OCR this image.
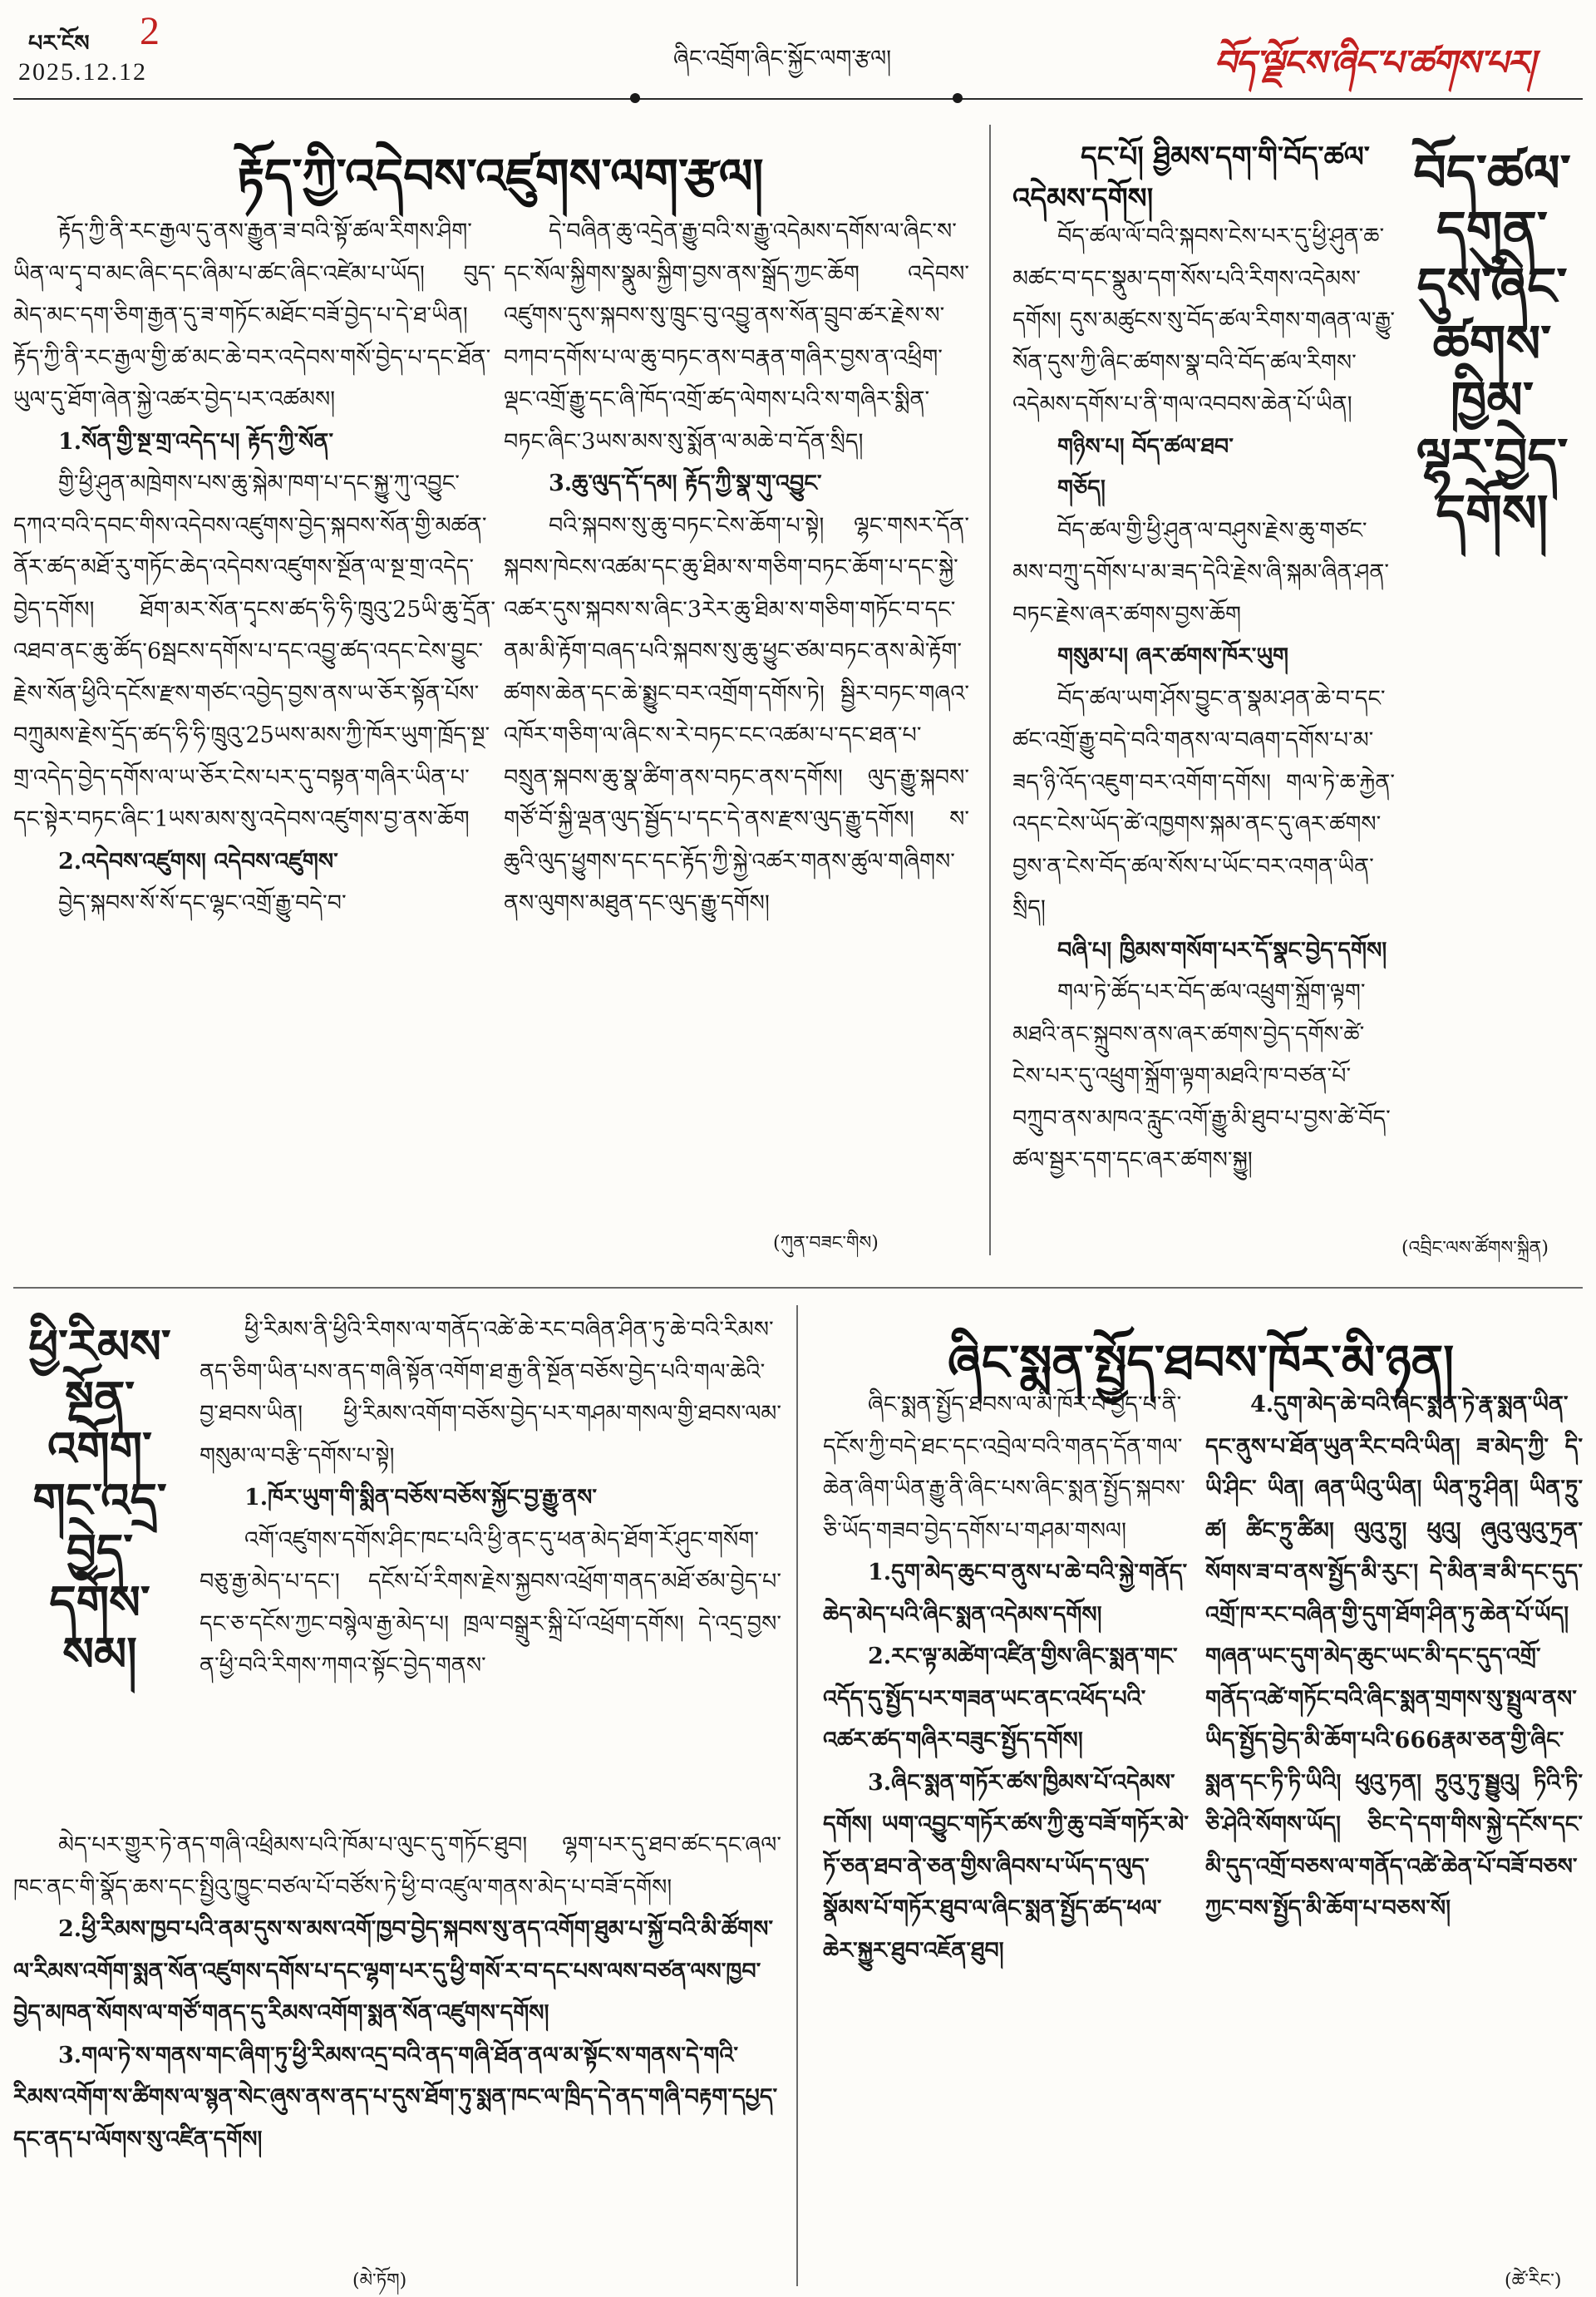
པར་ངོས 2
2025.12.12	ཞིང་འབྲོག་ཞིང་སྐྱོང་ལག་རྩལ།	བོད་ལྗོངས་ཞིང་པ་ཚགས་པར།
རྟོད་ཀྱི་འདེབས་འཛུགས་ལག་རྩལ།

རྟོད་ཀྱི་ནི་རང་རྒྱལ་དུ་ནས་རྒྱུན་ཟ་བའི་སྟོ་ཚལ་རིགས་ཤིག་ཡིན་ལ་དྭ་བ་མང་ཞིང་དང་ཞིམ་པ་ཚང་ཞིང་འཛེམ་པ་ཡོད། བུད་མེད་མང་དག་ཅིག་རྒྱན་དུ་ཟ་གཏོང་མཐོང་བཟོ་བྱེད་པ་དེ་ཐ་ཡིན། རྟོད་ཀྱི་ནི་རང་རྒྱལ་གྱི་ཚ་མང་ཆེ་བར་འདེབས་གསོ་བྱེད་པ་དང་ཐོན་ཡུལ་དུ་ཐོག་ཞེན་སྐྱེ་འཚར་བྱེད་པར་འཚམས།

1.སོན་གྱི་སྔ་གྲ་འདེད་པ། རྟོད་ཀྱི་སོན་

གྱི་ཕྱི་ཤུན་མཁྲེགས་པས་ཆུ་སྐེམ་ཁག་པ་དང་སྐྱུ་ཀུ་འབྱུང་དཀའ་བའི་དབང་གིས་འདེབས་འཛུགས་བྱེད་སྐབས་སོན་གྱི་མཚན་ནོར་ཚད་མཐོ་རུ་གཏོང་ཆེད་འདེབས་འཛུགས་སྔོན་ལ་སྔ་གྲ་འདེད་བྱེད་དགོས། ཐོག་མར་སོན་དྭངས་ཚད་ཧི་ཧི་ཁྲུའུ་25ཡི་ཆུ་དྲོན་འཐབ་ནང་ཆུ་ཚོད་6སྦངས་དགོས་པ་དང་འབྱུ་ཚད་འདང་ངེས་བྱུང་རྗེས་སོན་ཕྱིའི་དངོས་རྫས་གཙང་འབྱེད་བྱས་ནས་ཡ་ཅོར་སྟོན་པོས་བཀྲུམས་རྗེས་དྲོད་ཚད་ཧི་ཧི་ཁྲུའུ་25ཡས་མས་ཀྱི་ཁོར་ཡུག་ཁྲོད་སྔ་གྲ་འདེད་བྱེད་དགོས་ལ་ཡ་ཅོར་ངེས་པར་དུ་བསྟན་གཞིར་ཡིན་པ་དང་སྟེར་བཏང་ཞིང་1ཡས་མས་སུ་འདེབས་འཛུགས་བྱ་ནས་ཆོག

2.འདེབས་འཛུགས། འདེབས་འཛུགས་

བྱེད་སྐབས་སོ་སོ་དང་ལྷང་འགྲོ་རྒྱུ་བདེ་བ་

དེ་བཞིན་ཆུ་འདྲེན་རྒྱུ་བའི་ས་རྒྱུ་འདེམས་དགོས་ལ་ཞིང་ས་དང་སོལ་སྐྱིགས་སྣུམ་སྐྱིག་བྱས་ནས་སྒྲོད་ཀྱང་ཆོག འདེབས་འཛུགས་དུས་སྐབས་སུ་ཁྲུང་བུ་འབྱུ་ནས་སོན་བྲུབ་ཚར་རྗེས་ས་བཀབ་དགོས་པ་ལ་ཆུ་བཏང་ནས་བརྣན་གཞིར་བྱས་ན་འཕྲིག་ལྡང་འགྲོ་རྒྱུ་དང་ཞི་ཁོད་འགྲོ་ཚད་ལེགས་པའི་ས་གཞིར་སྨིན་བཏང་ཞིང་3ཡས་མས་སུ་སྨོན་ལ་མཆེ་བ་དོན་སྲིད།

3.ཆུ་ལུད་དོ་དམ། རྟོད་ཀྱི་སྣ་གུ་འབྱུང་

བའི་སྐབས་སུ་ཆུ་བཏང་ངེས་ཆོག་པ་སྟེ། ལྷང་གསར་དོན་སྐབས་ཁེངས་འཚམ་དང་ཆུ་ཐིམ་ས་གཅིག་བཏང་ཆོག་པ་དང་སྐྱེ་འཚར་དུས་སྐབས་ས་ཞིང་3རེར་ཆུ་ཐིམ་ས་གཅིག་གཏོང་བ་དང་ནམ་མི་རྟོག་བཞད་པའི་སྐབས་སུ་ཆུ་ཕྱུང་ཙམ་བཏང་ནས་མེ་རྟོག་ཚགས་ཆེན་དང་ཆེ་སྨྱུང་བར་འགྲོག་དགོས་ཏེ། སྦྱིར་བཏང་གཞའ་འཁོར་གཅིག་ལ་ཞིང་ས་རེ་བཏང་ངང་འཚམ་པ་དང་ཐན་པ་བསྲུན་སྐབས་ཆུ་སྣ་ཚིག་ནས་བཏང་ནས་དགོས། ལུད་རྒྱུ་སྐབས་གཙོ་བོ་སྐྱི་ལྡན་ལུད་སྦྱོད་པ་དང་དེ་ནས་རྫས་ལུད་རྒྱུ་དགོས། ས་ཆུའི་ལུད་ཕྱུགས་དང་དང་རྟོད་ཀྱི་སྐྱེ་འཚར་གནས་ཚུལ་གཞིགས་ནས་ལུགས་མཐུན་དང་ལུད་རྒྱུ་དགོས།

(ཀུན་བཟང་གིས)
དང་པོ། ཐྱིམས་དག་གི་བོད་ཚལ་
འདེམས་དགོས།	བོད་ཚལ་
དགུན་
དུས་ཞིང་
ཚགས་ཁྱིམ་
ལྷར་བྱེད་
དགོས།

བོད་ཚལ་ལོ་བའི་སྐབས་ངེས་པར་དུ་ཕྱི་ཤུན་ཆ་མཚང་བ་དང་སྣུམ་དག་སོས་པའི་རིགས་འདེམས་དགོས། དུས་མཚུངས་སུ་བོད་ཚལ་རིགས་གཞན་ལ་རྒྱུ་སོན་དུས་ཀྱི་ཞིང་ཚགས་སྣ་བའི་བོད་ཚལ་རིགས་འདེམས་དགོས་པ་ནི་གལ་འབབས་ཆེན་པོ་ཡིན།

གཉིས་པ། བོད་ཚལ་ཐབ་

གཅོད།

བོད་ཚལ་གྱི་ཕྱི་ཤུན་ལ་བཤུས་རྗེས་ཆུ་གཙང་མས་བཀྲུ་དགོས་པ་མ་ཟད་དེའི་རྗེས་ཞི་སྐམ་ཞིན་ཤན་བཏང་རྗེས་ཞར་ཚགས་བྱས་ཆོག

གསུམ་པ། ཞར་ཚགས་ཁོར་ཡུག

བོད་ཚལ་ཡག་ཤོས་བྱུང་ན་སྣམ་ཤན་ཆེ་བ་དང་ཚང་འགྲོ་རྒྱུ་བདེ་བའི་གནས་ལ་བཞག་དགོས་པ་མ་ཟད་ཉི་འོད་འཇུག་བར་འགོག་དགོས། གལ་ཏེ་ཆ་རྐྱེན་འདང་ངེས་ཡོད་ཚེ་འཁྱགས་སྐམ་ནང་དུ་ཞར་ཚགས་བྱས་ན་ངེས་བོད་ཚལ་སོས་པ་ཡོང་བར་འགན་ཡིན་སྲིད།

བཞི་པ། ཁྱིམས་གསོག་པར་དོ་སྣང་བྱེད་དགོས།

གལ་ཏེ་ཚོད་པར་བོད་ཚལ་འཕྲུག་སྐྲོག་ལྟག་མཐའི་ནང་སྐྲུབས་ནས་ཞར་ཚགས་བྱེད་དགོས་ཚེ་ངེས་པར་དུ་འཕྲུག་སྐྲོག་ལྟག་མཐའི་ཁ་བཙན་པོ་བཀྲུབ་ནས་མཁའ་རླུང་འགོ་རྒྱུ་མི་ཐུབ་པ་བྱས་ཚེ་བོད་ཚལ་སྦྱར་དག་དང་ཞར་ཚགས་སྐྱུ།

(འབྲིང་ལས་ཚོགས་སྐྲིན)
ཕྱི་རིམས་
སྔོན་
འགོག་
གང་འདྲ་
བྱེད་
དགོས་
སམ།

ཕྱི་རིམས་ནི་ཕྱིའི་རིགས་ལ་གནོད་འཚེ་ཆེ་རང་བཞིན་ཤིན་ཏུ་ཆེ་བའི་རིམས་ནད་ཅིག་ཡིན་པས་ནད་གཞི་སྟོན་འགོག་ཐ་རྒྱ་ནི་སྔོན་བཅོས་བྱེད་པའི་གལ་ཆེའི་བྱ་ཐབས་ཡིན། ཕྱི་རིམས་འགོག་བཅོས་བྱེད་པར་གཤམ་གསལ་གྱི་ཐབས་ལམ་གསུམ་ལ་བརྩི་དགོས་པ་སྟེ།

1.ཁོར་ཡུག་གི་སྨིན་བཅོས་བཅོས་སྐྱོང་བྱ་རྒྱུ་ནས་

འགོ་འཛུགས་དགོས་ཤིང་ཁང་པའི་ཕྱི་ནང་དུ་ཕན་མེད་ཐོག་རོ་ཤུང་གསོག་བཅུ་རྒྱ་མེད་པ་དང་། དངོས་པོ་རིགས་རྗེས་སྐྱབས་འཕྲོག་གནད་མཐོ་ཙམ་བྱེད་པ་དང་ཅ་དངོས་ཀྱང་བསྙེལ་རྒྱ་མེད་པ། ཁྲལ་བསྒྲུར་སྐྲི་པོ་འཕྲོག་དགོས། དེ་འདྲ་བྱས་ན་ཕྱི་བའི་རིགས་ཀགའ་སྟོང་བྱེད་གནས་

མེད་པར་གྱུར་ཏེ་ནད་གཞི་འཕྲིམས་པའི་ཁོམ་པ་ལུང་དུ་གཏོང་ཐུབ། ལྷག་པར་དུ་ཐབ་ཚང་དང་ཞལ་ཁང་ནང་གི་སྣོད་ཆས་དང་སྤྱིའུ་ཁྱུང་བཙལ་པོ་བཙོས་ཏེ་ཕྱི་བ་འཛུལ་གནས་མེད་པ་བཟོ་དགོས།

2.ཕྱི་རིམས་ཁྱབ་པའི་ནམ་དུས་ས་མས་འགོ་ཁྱབ་བྱེད་སྐབས་སུ་ནད་འགོག་ཐུམ་པ་སྐྱོ་བའི་མི་ཚོགས་ལ་རིམས་འགོག་སྨན་སོན་འཛུགས་དགོས་པ་དང་ལྷག་པར་དུ་ཕྱི་གསོ་ར་བ་དང་པས་ལས་བཙན་ལས་ཁྱབ་བྱེད་མཁན་སོགས་ལ་གཙོ་གནད་དུ་རིམས་འགོག་སྨན་སོན་འཛུགས་དགོས།

3.གལ་ཏེ་ས་གནས་གང་ཞིག་ཏུ་ཕྱི་རིམས་འདྲ་བའི་ནད་གཞི་ཐོན་ནལ་མ་སྟོང་ས་གནས་དེ་གའི་རིམས་འགོག་ས་ཚིགས་ལ་སྙན་སེང་ཞུས་ནས་ནད་པ་དུས་ཐོག་ཏུ་སྨན་ཁང་ལ་ཁྲིད་དེ་ནད་གཞི་བརྟག་དཔྱད་དང་ནད་པ་ལོགས་སུ་འཛིན་དགོས།

(མེ་ཏོག)
ཞིང་སྨན་སྤྱོད་ཐབས་ཁོར་མི་ཉན།

ཞིང་སྨན་སྤྱོད་ཐབས་ལ་མི་ཁོར་བ་བྱེད་པ་ནི་དངོས་ཀྱི་བདེ་ཐང་དང་འབྲེལ་བའི་གནད་དོན་གལ་ཆེན་ཞིག་ཡིན་རྒྱུ་ནི་ཞིང་པས་ཞིང་སྨན་སྤྱོད་སྐབས་ཅི་ཡོད་གཟབ་བྱེད་དགོས་པ་གཤམ་གསལ།

1.དུག་མེད་ཆུང་བ་ནུས་པ་ཆེ་བའི་སྐྱེ་གནོད་ཆེད་མེད་པའི་ཞིང་སྨན་འདེམས་དགོས།

2.རང་ལྟ་མཚེག་འཛིན་གྱིས་ཞིང་སྨན་གང་འདོད་དུ་སྤྱོད་པར་གཟན་ཡང་ནང་འཕོད་པའི་འཚར་ཚད་གཞིར་བཟུང་སྤྱོད་དགོས།

3.ཞིང་སྨན་གཏོར་ཚས་ཁྱིམས་པོ་འདེམས་དགོས། ཡག་འབྱུང་གཏོར་ཚས་ཀྱི་ཆུ་བཟོ་གཏོར་མེ་ཏོ་ཅན་ཐབ་ནེ་ཅན་གྱིས་ཞིབས་པ་ཡོད་ད་ལུད་སྣོམས་པོ་གཏོར་ཐུབ་ལ་ཞིང་སྨན་སྤྱོད་ཚད་ཕལ་ཆེར་སྐྱུར་ཐུབ་འཇོན་ཐུབ།

4.དུག་མེད་ཆེ་བའི་ཞིང་སྨན་ཏེ་རྣ་སྨན་ཡིན་དང་ནུས་པ་ཐོན་ཡུན་རིང་བའི་ཡིན། ཟ་མེད་ཀྱི་ དི་ཡི་ཤིང་ ཡིན། ཞན་ཡིའུ་ཡིན། ཡིན་ཏྲུ་ཤིན། ཡིན་ཏྲུ་ཚ། ཚིང་ཏྲུ་ཚིམ། ལུའུ་ཏྲུ། ཕུའུ། ཞུའུ་ལུའུ་ཏྲན་སོགས་ཟ་བ་ནས་སྤྱོད་མི་རུང་། དེ་མིན་ཟ་མི་དང་དུད་འགྲོ་ཁ་རང་བཞིན་གྱི་དུག་ཐོག་ཤིན་ཏུ་ཆེན་པོ་ཡོད། གཞན་ཡང་དུག་མེད་ཆུང་ཡང་མི་དང་དུད་འགྲོ་གནོད་འཚེ་གཏོང་བའི་ཞིང་སྨན་གྲགས་སུ་སྤྲུལ་ནས་ཡིད་སྤྱོད་བྱེད་མི་ཆོག་པའི་666རྣམ་ཅན་གྱི་ཞིང་སྨན་དང་ཏི་ཏི་ཡིའི། ཕུའུ་ཏན། ཏྲུའུ་ཏུ་སྦྱུའུ། ཏིའི་ཏི་ཅི་ཤེའི་སོགས་ཡོད། ཅིང་དེ་དག་གིས་སྐྱེ་དངོས་དང་མི་དུད་འགྲོ་བཅས་ལ་གནོད་འཚེ་ཆེན་པོ་བཟོ་བཅས་ཀྱང་བས་སྤྱོད་མི་ཆོག་པ་བཅས་སོ།

(ཚེ་རིང་)
